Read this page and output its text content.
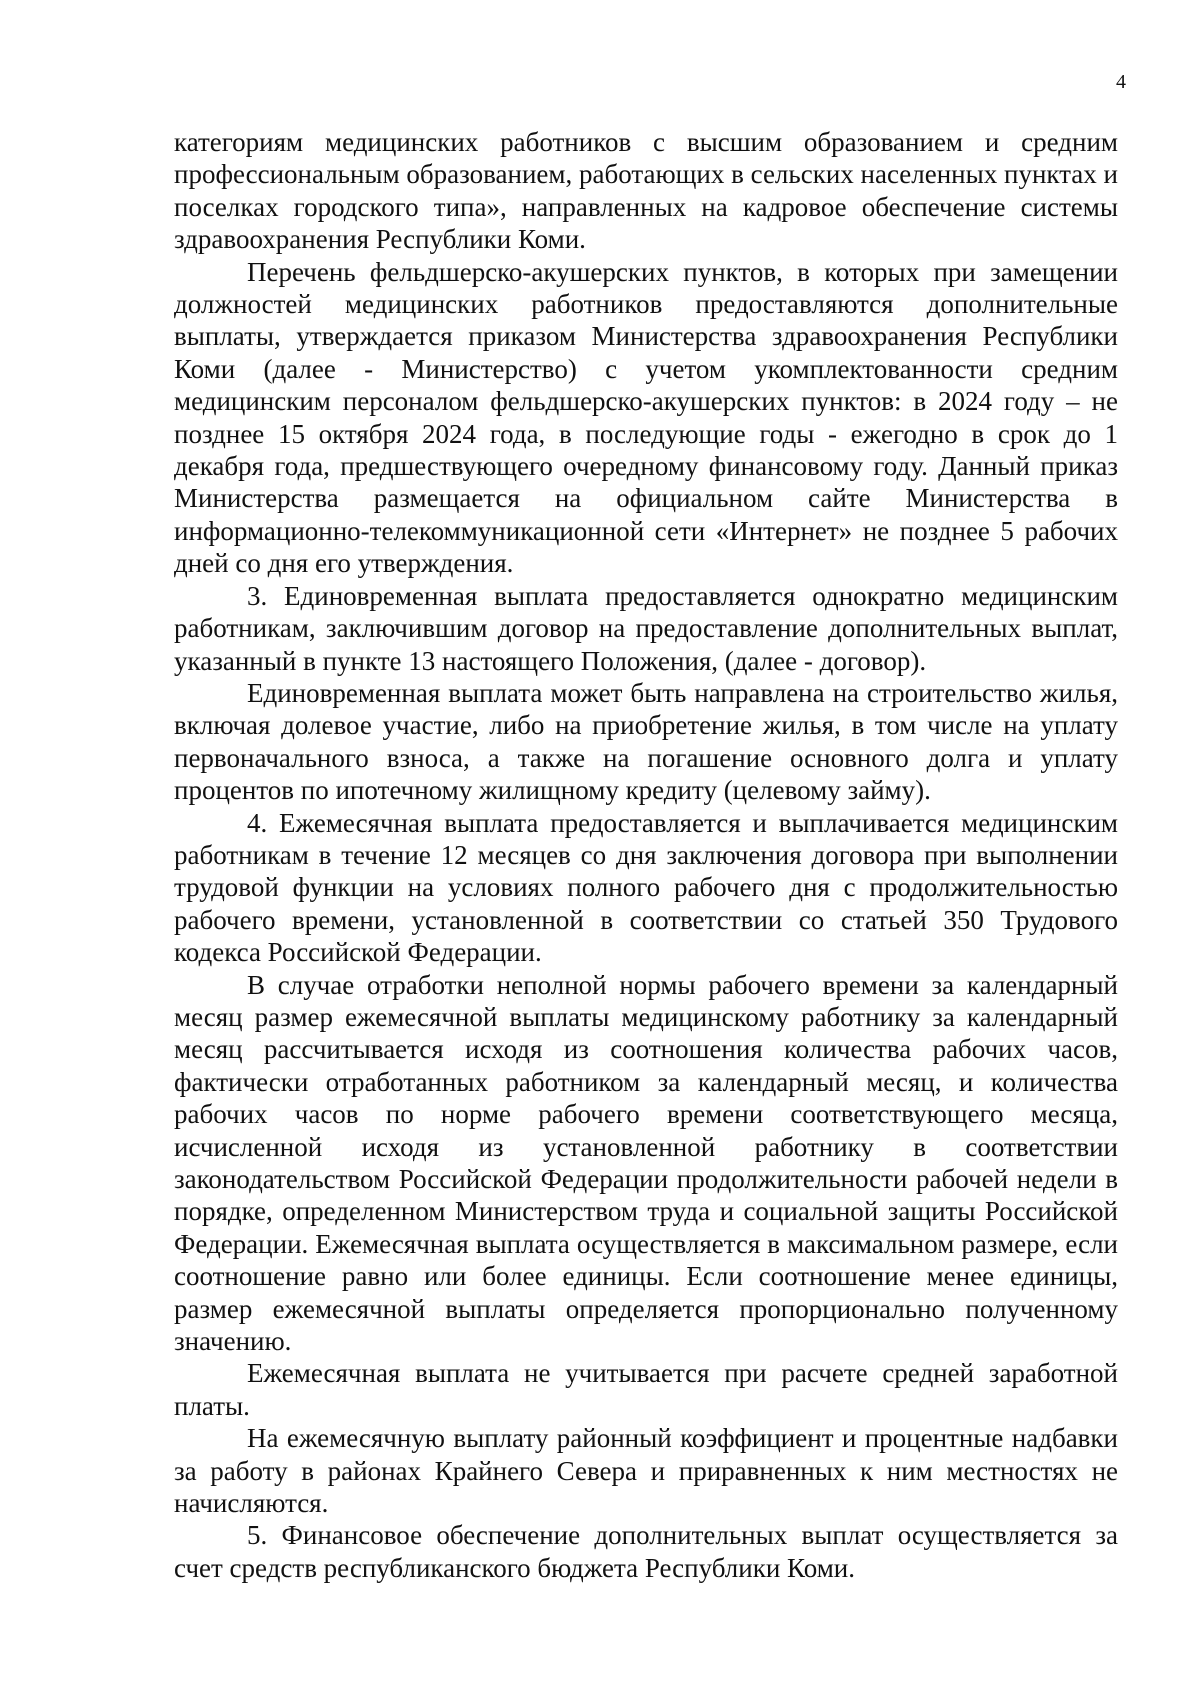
4

категориям медицинских работников с высшим образованием и средним профессиональным образованием, работающих в сельских населенных пунктах и поселках городского типа», направленных на кадровое обеспечение системы здравоохранения Республики Коми.

Перечень фельдшерско-акушерских пунктов, в которых при замещении должностей медицинских работников предоставляются дополнительные выплаты, утверждается приказом Министерства здравоохранения Республики Коми (далее - Министерство) с учетом укомплектованности средним медицинским персоналом фельдшерско-акушерских пунктов: в 2024 году – не позднее 15 октября 2024 года, в последующие годы - ежегодно в срок до 1 декабря года, предшествующего очередному финансовому году. Данный приказ Министерства размещается на официальном сайте Министерства в информационно-телекоммуникационной сети «Интернет» не позднее 5 рабочих дней со дня его утверждения.

3. Единовременная выплата предоставляется однократно медицинским работникам, заключившим договор на предоставление дополнительных выплат, указанный в пункте 13 настоящего Положения, (далее - договор).

Единовременная выплата может быть направлена на строительство жилья, включая долевое участие, либо на приобретение жилья, в том числе на уплату первоначального взноса, а также на погашение основного долга и уплату процентов по ипотечному жилищному кредиту (целевому займу).

4. Ежемесячная выплата предоставляется и выплачивается медицинским работникам в течение 12 месяцев со дня заключения договора при выполнении трудовой функции на условиях полного рабочего дня с продолжительностью рабочего времени, установленной в соответствии со статьей 350 Трудового кодекса Российской Федерации.

В случае отработки неполной нормы рабочего времени за календарный месяц размер ежемесячной выплаты медицинскому работнику за календарный месяц рассчитывается исходя из соотношения количества рабочих часов, фактически отработанных работником за календарный месяц, и количества рабочих часов по норме рабочего времени соответствующего месяца, исчисленной исходя из установленной работнику в соответствии законодательством Российской Федерации продолжительности рабочей недели в порядке, определенном Министерством труда и социальной защиты Российской Федерации. Ежемесячная выплата осуществляется в максимальном размере, если соотношение равно или более единицы. Если соотношение менее единицы, размер ежемесячной выплаты определяется пропорционально полученному значению.

Ежемесячная выплата не учитывается при расчете средней заработной платы.

На ежемесячную выплату районный коэффициент и процентные надбавки за работу в районах Крайнего Севера и приравненных к ним местностях не начисляются.

5. Финансовое обеспечение дополнительных выплат осуществляется за счет средств республиканского бюджета Республики Коми.
